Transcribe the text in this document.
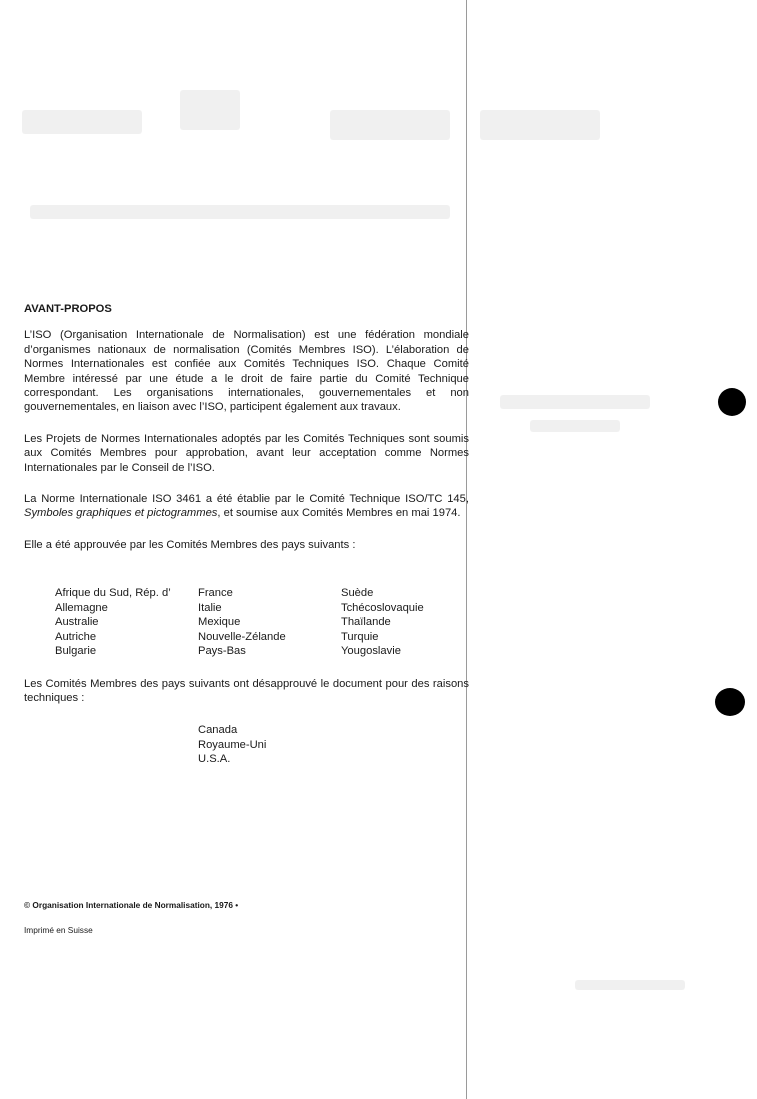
AVANT-PROPOS

L’ISO (Organisation Internationale de Normalisation) est une fédération mondiale d’organismes nationaux de normalisation (Comités Membres ISO). L’élaboration de Normes Internationales est confiée aux Comités Techniques ISO. Chaque Comité Membre intéressé par une étude a le droit de faire partie du Comité Technique correspondant. Les organisations internationales, gouvernementales et non gouvernementales, en liaison avec l’ISO, participent également aux travaux.

Les Projets de Normes Internationales adoptés par les Comités Techniques sont soumis aux Comités Membres pour approbation, avant leur acceptation comme Normes Internationales par le Conseil de l’ISO.

La Norme Internationale ISO 3461 a été établie par le Comité Technique ISO/TC 145, Symboles graphiques et pictogrammes, et soumise aux Comités Membres en mai 1974.

Elle a été approuvée par les Comités Membres des pays suivants :

Afrique du Sud, Rép. d’
Allemagne
Australie
Autriche
Bulgarie
France
Italie
Mexique
Nouvelle-Zélande
Pays-Bas
Suède
Tchécoslovaquie
Thaïlande
Turquie
Yougoslavie

Les Comités Membres des pays suivants ont désapprouvé le document pour des raisons techniques :

Canada
Royaume-Uni
U.S.A.
© Organisation Internationale de Normalisation, 1976 •
Imprimé en Suisse
